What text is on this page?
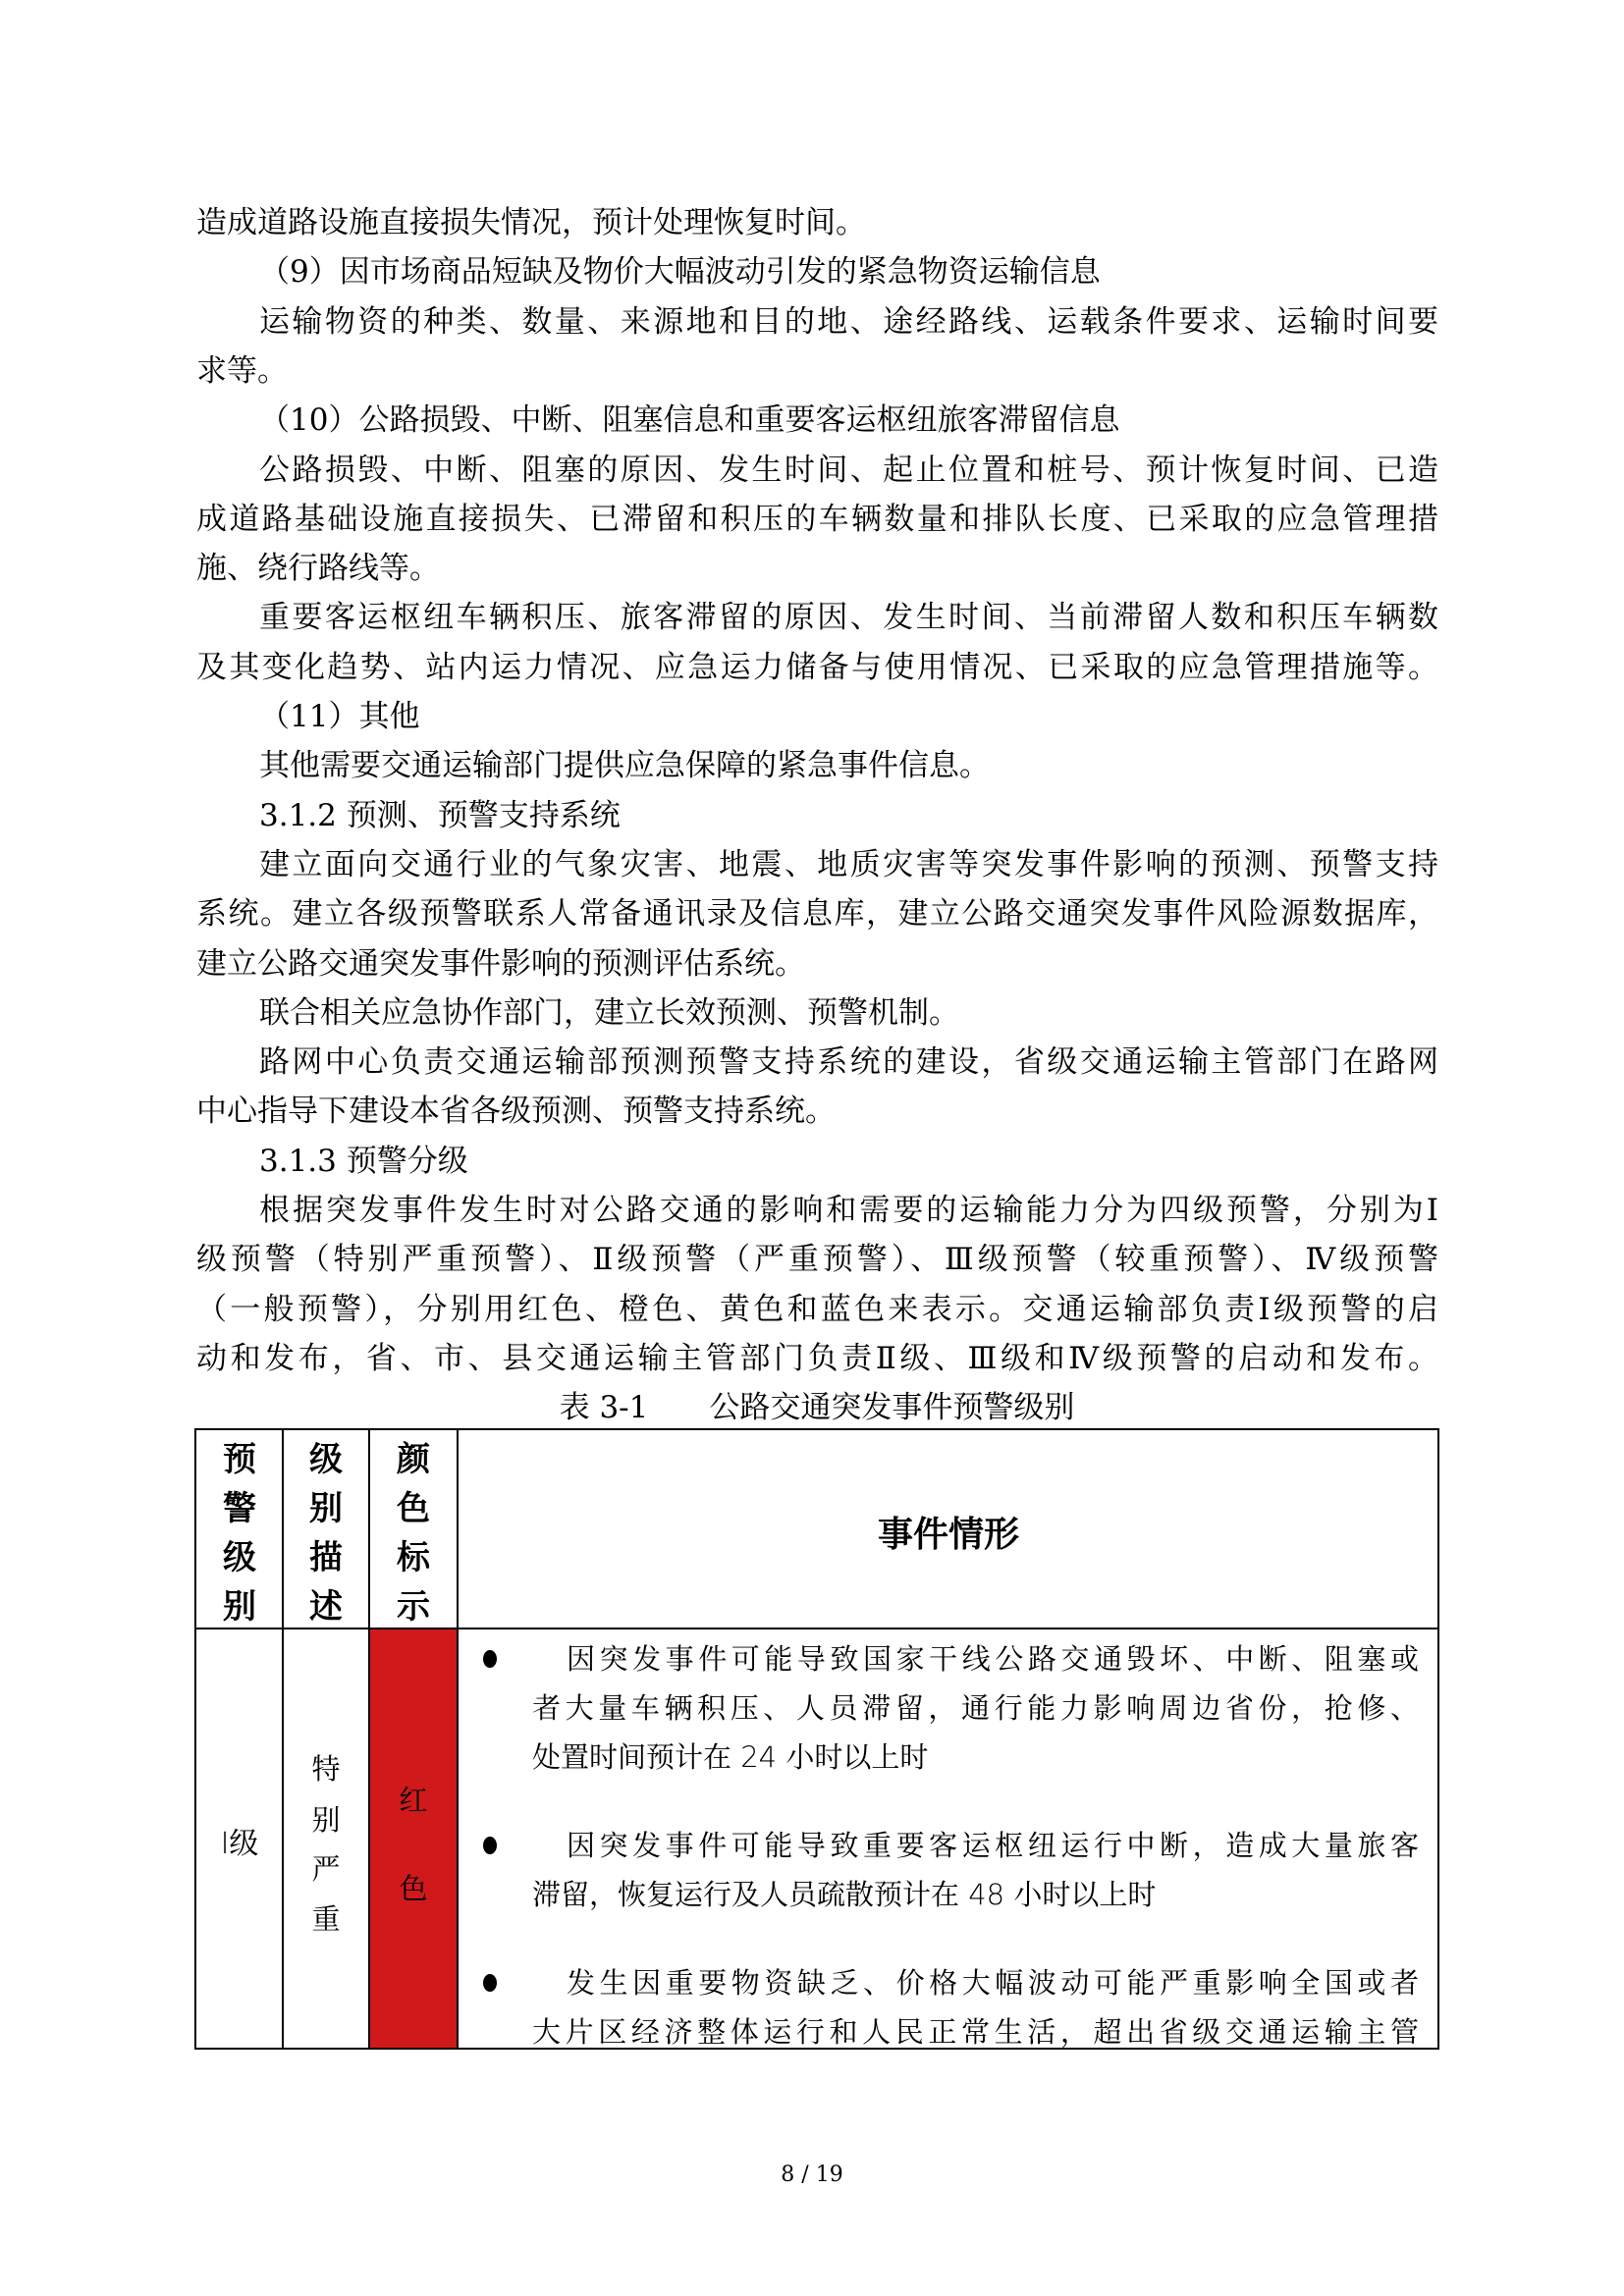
造成道路设施直接损失情况，预计处理恢复时间。
（9）因市场商品短缺及物价大幅波动引发的紧急物资运输信息
运输物资的种类、数量、来源地和目的地、途经路线、运载条件要求、运输时间要
求等。
（10）公路损毁、中断、阻塞信息和重要客运枢纽旅客滞留信息
公路损毁、中断、阻塞的原因、发生时间、起止位置和桩号、预计恢复时间、已造
成道路基础设施直接损失、已滞留和积压的车辆数量和排队长度、已采取的应急管理措
施、绕行路线等。
重要客运枢纽车辆积压、旅客滞留的原因、发生时间、当前滞留人数和积压车辆数
及其变化趋势、站内运力情况、应急运力储备与使用情况、已采取的应急管理措施等。
（11）其他
其他需要交通运输部门提供应急保障的紧急事件信息。
3.1.2 预测、预警支持系统
建立面向交通行业的气象灾害、地震、地质灾害等突发事件影响的预测、预警支持
系统。建立各级预警联系人常备通讯录及信息库，建立公路交通突发事件风险源数据库，
建立公路交通突发事件影响的预测评估系统。
联合相关应急协作部门，建立长效预测、预警机制。
路网中心负责交通运输部预测预警支持系统的建设，省级交通运输主管部门在路网
中心指导下建设本省各级预测、预警支持系统。
3.1.3 预警分级
根据突发事件发生时对公路交通的影响和需要的运输能力分为四级预警，分别为Ⅰ
级预警（特别严重预警）、Ⅱ级预警（严重预警）、Ⅲ级预警（较重预警）、Ⅳ级预警
（一般预警），分别用红色、橙色、黄色和蓝色来表示。交通运输部负责Ⅰ级预警的启
动和发布，省、市、县交通运输主管部门负责Ⅱ级、Ⅲ级和Ⅳ级预警的启动和发布。
表 3-1　　公路交通突发事件预警级别
预
警
级
别
级
别
描
述
颜
色
标
示
事件情形
Ⅰ级
特
别
严
重
红
色
因突发事件可能导致国家干线公路交通毁坏、中断、阻塞或
者大量车辆积压、人员滞留，通行能力影响周边省份，抢修、
处置时间预计在 24 小时以上时
因突发事件可能导致重要客运枢纽运行中断，造成大量旅客
滞留，恢复运行及人员疏散预计在 48 小时以上时
发生因重要物资缺乏、价格大幅波动可能严重影响全国或者
大片区经济整体运行和人民正常生活，超出省级交通运输主管
8 / 19
